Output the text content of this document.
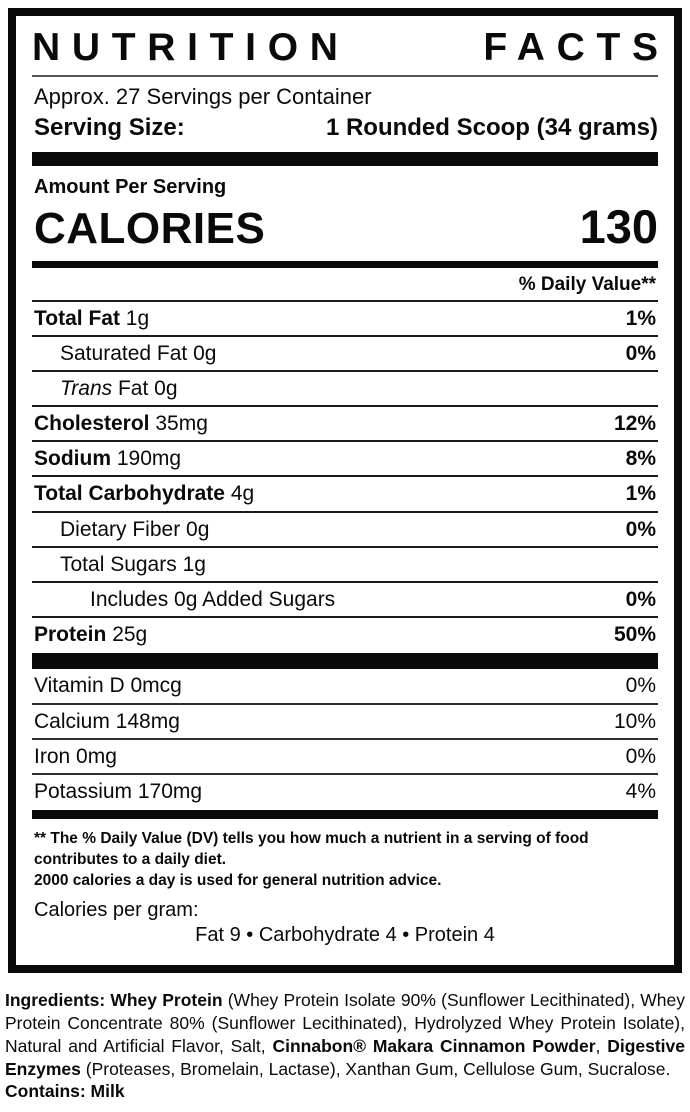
NUTRITION FACTS
Approx. 27 Servings per Container
Serving Size:	1 Rounded Scoop (34 grams)
Amount Per Serving
CALORIES	130
% Daily Value**
Total Fat 1g	1%
Saturated Fat 0g	0%
Trans Fat 0g
Cholesterol 35mg	12%
Sodium 190mg	8%
Total Carbohydrate 4g	1%
Dietary Fiber 0g	0%
Total Sugars 1g
Includes 0g Added Sugars	0%
Protein 25g	50%
Vitamin D 0mcg	0%
Calcium 148mg	10%
Iron 0mg	0%
Potassium 170mg	4%
** The % Daily Value (DV) tells you how much a nutrient in a serving of food contributes to a daily diet.
2000 calories a day is used for general nutrition advice.
Calories per gram:
Fat 9 • Carbohydrate 4 • Protein 4

Ingredients: Whey Protein (Whey Protein Isolate 90% (Sunflower Lecithinated), Whey Protein Concentrate 80% (Sunflower Lecithinated), Hydrolyzed Whey Protein Isolate), Natural and Artificial Flavor, Salt, Cinnabon® Makara Cinnamon Powder, Digestive Enzymes (Proteases, Bromelain, Lactase), Xanthan Gum, Cellulose Gum, Sucralose.

Contains: Milk
